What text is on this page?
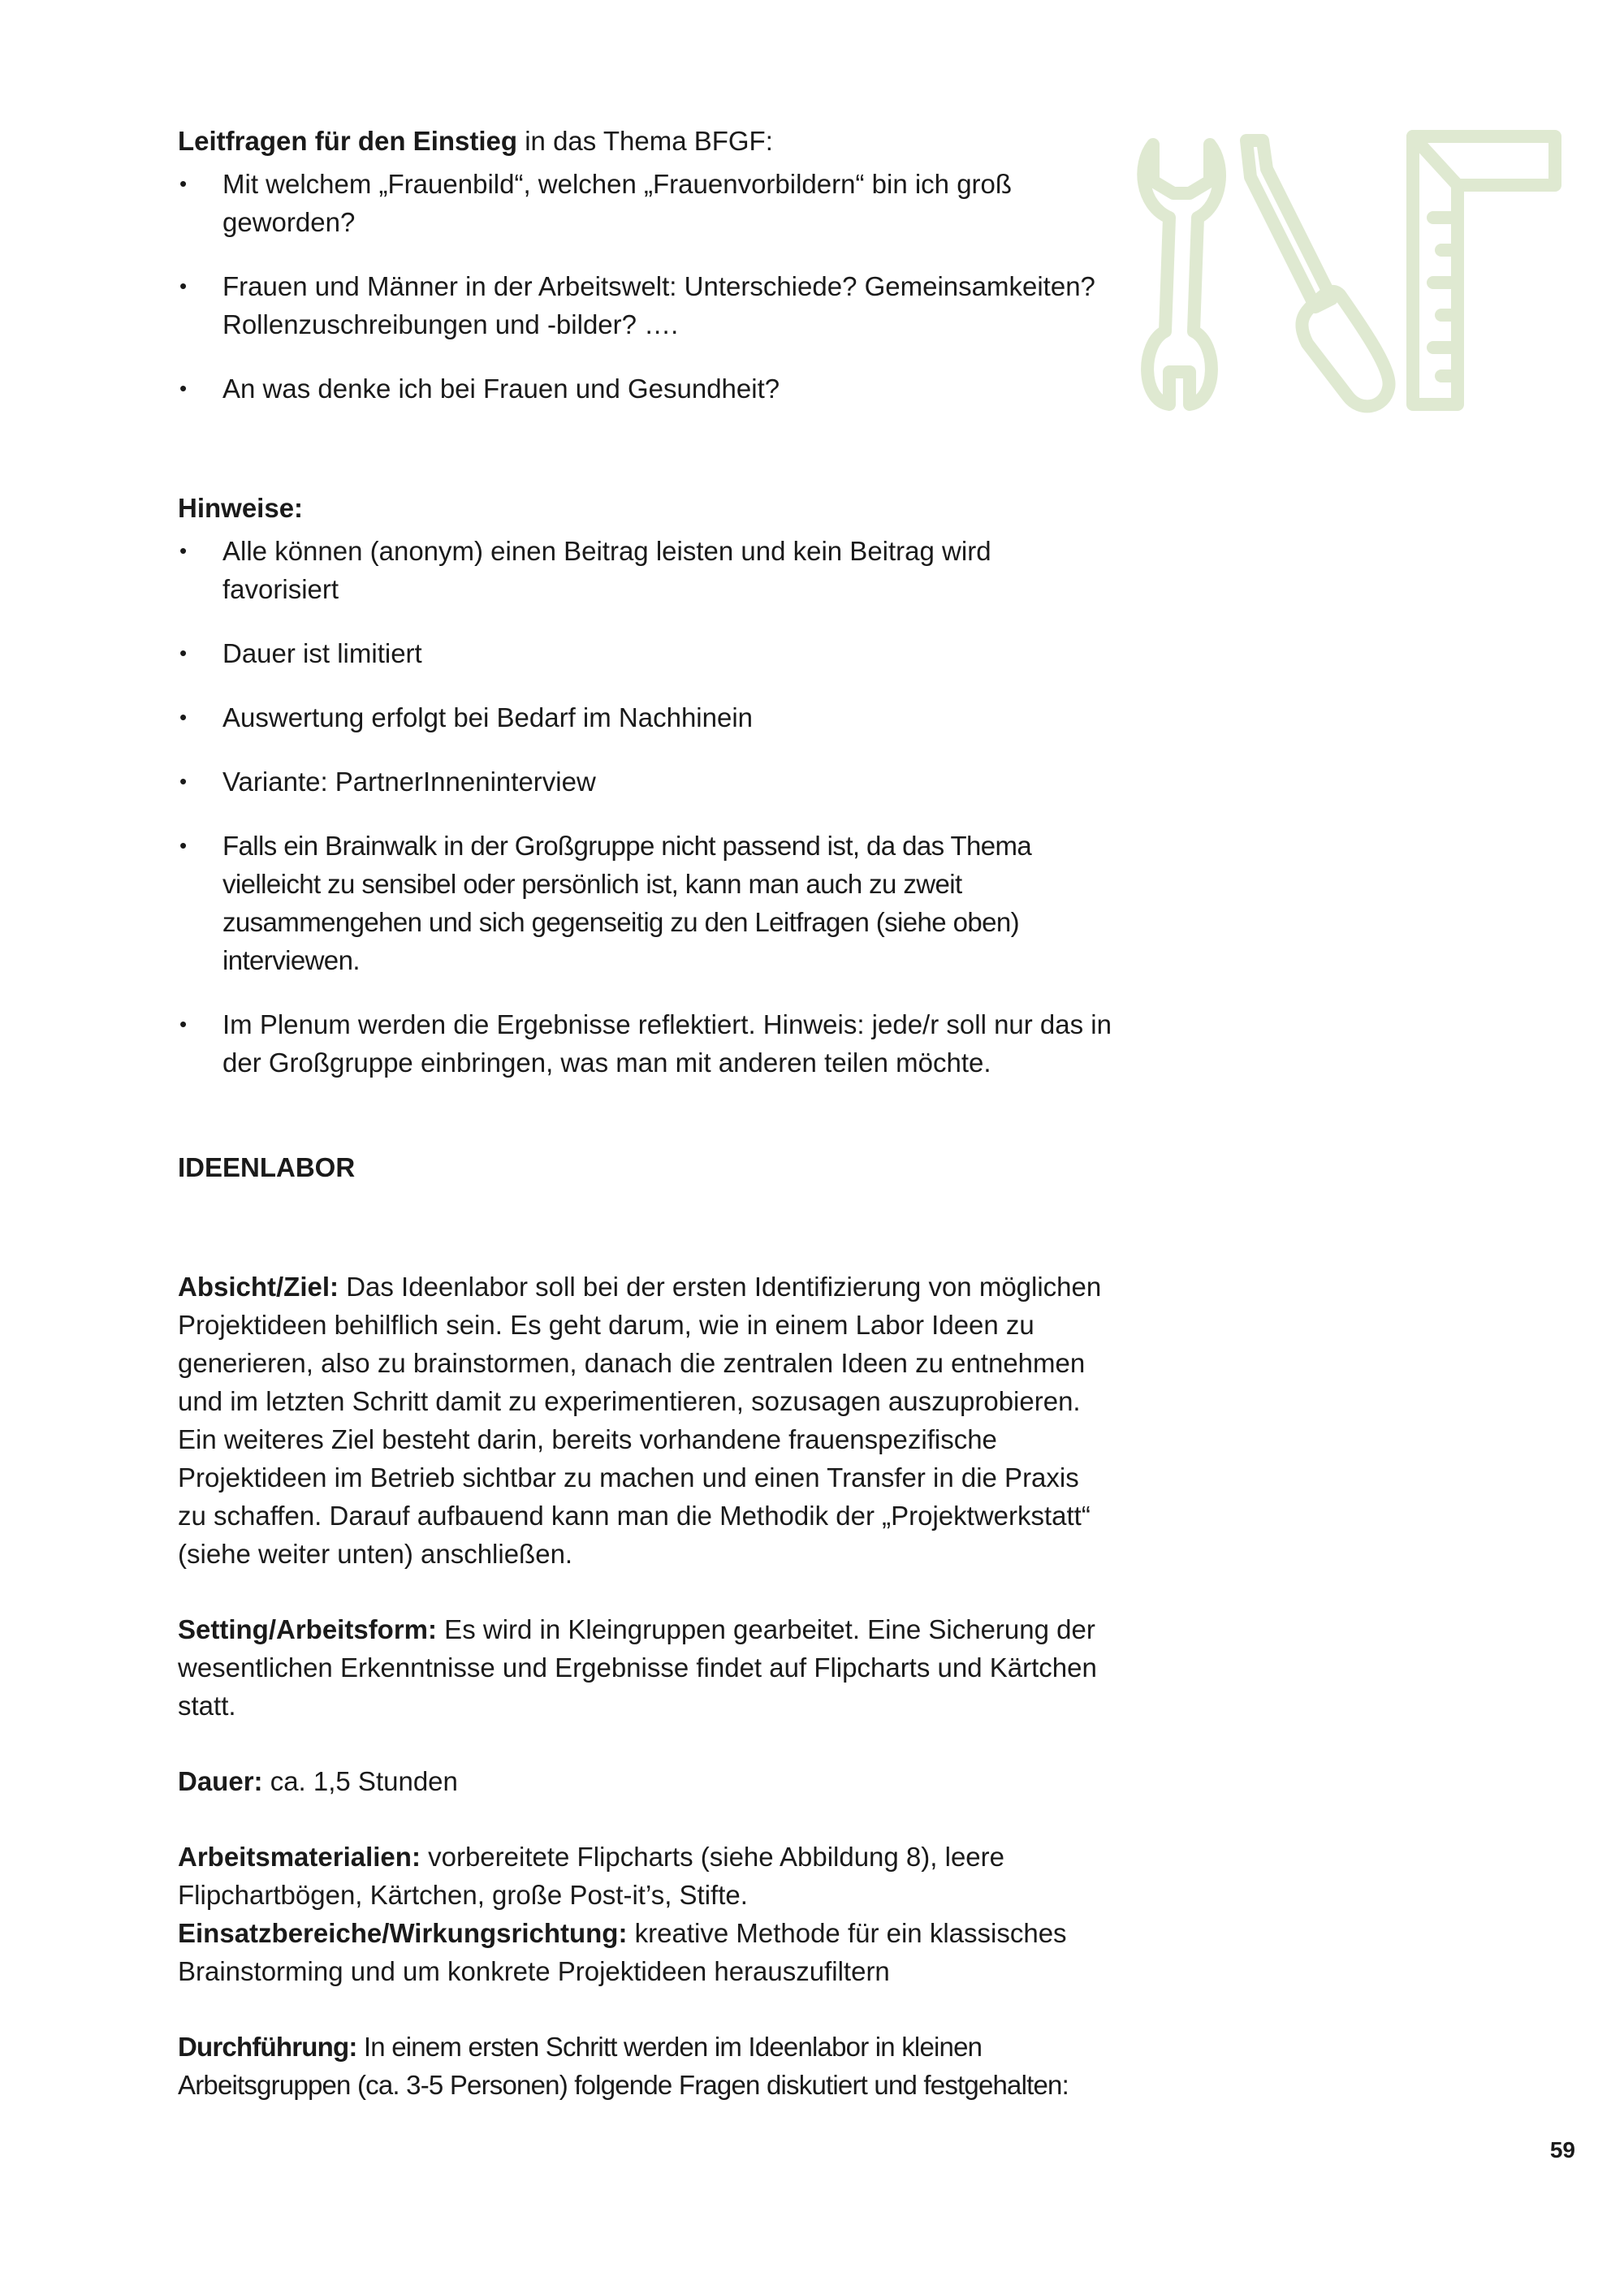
Leitfragen für den Einstieg in das Thema BFGF:

• Mit welchem „Frauenbild“, welchen „Frauenvorbildern“ bin ich groß geworden?
• Frauen und Männer in der Arbeitswelt: Unterschiede? Gemeinsamkeiten? Rollenzuschreibungen und -bilder? ….
• An was denke ich bei Frauen und Gesundheit?

Hinweise:

• Alle können (anonym) einen Beitrag leisten und kein Beitrag wird favorisiert
• Dauer ist limitiert
• Auswertung erfolgt bei Bedarf im Nachhinein
• Variante: PartnerInneninterview
• Falls ein Brainwalk in der Großgruppe nicht passend ist, da das Thema vielleicht zu sensibel oder persönlich ist, kann man auch zu zweit zusammengehen und sich gegenseitig zu den Leitfragen (siehe oben) interviewen.
• Im Plenum werden die Ergebnisse reflektiert. Hinweis: jede/r soll nur das in der Großgruppe einbringen, was man mit anderen teilen möchte.

IDEENLABOR

Absicht/Ziel: Das Ideenlabor soll bei der ersten Identifizierung von möglichen Projektideen behilflich sein. Es geht darum, wie in einem Labor Ideen zu generieren, also zu brainstormen, danach die zentralen Ideen zu entnehmen und im letzten Schritt damit zu experimentieren, sozusagen auszuprobieren. Ein weiteres Ziel besteht darin, bereits vorhandene frauenspezifische Projektideen im Betrieb sichtbar zu machen und einen Transfer in die Praxis zu schaffen. Darauf aufbauend kann man die Methodik der „Projektwerkstatt“ (siehe weiter unten) anschließen.

Setting/Arbeitsform: Es wird in Kleingruppen gearbeitet. Eine Sicherung der wesentlichen Erkenntnisse und Ergebnisse findet auf Flipcharts und Kärtchen statt.

Dauer: ca. 1,5 Stunden

Arbeitsmaterialien: vorbereitete Flipcharts (siehe Abbildung 8), leere Flipchartbögen, Kärtchen, große Post-it’s, Stifte.

Einsatzbereiche/Wirkungsrichtung: kreative Methode für ein klassisches Brainstorming und um konkrete Projektideen herauszufiltern

Durchführung: In einem ersten Schritt werden im Ideenlabor in kleinen Arbeitsgruppen (ca. 3-5 Personen) folgende Fragen diskutiert und festgehalten:

59
